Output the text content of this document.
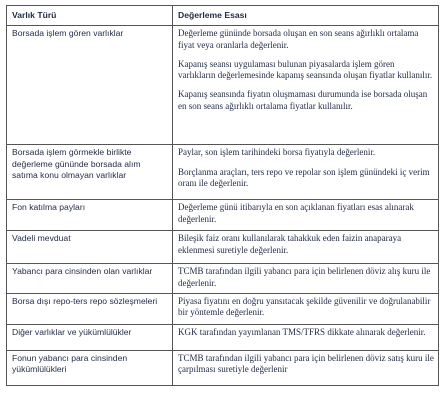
Varlık Türü	Değerleme Esası
Borsada işlem gören varlıklar	Değerleme gününde borsada oluşan en son seans ağırlıklı ortalama fiyat veya oranlarla değerlenir.
Kapanış seansı uygulaması bulunan piyasalarda işlem gören varlıkların değerlemesinde kapanış seansında oluşan fiyatlar kullanılır.
Kapanış seansında fiyatın oluşmaması durumunda ise borsada oluşan en son seans ağırlıklı ortalama fiyatlar kullanılır.

Borsada işlem görmekle birlikte değerleme gününde borsada alım satıma konu olmayan varlıklar	Paylar, son işlem tarihindeki borsa fiyatıyla değerlenir.
Borçlanma araçları, ters repo ve repolar son işlem günündeki iç verim oranı ile değerlenir.

Fon katılma payları	Değerleme günü itibarıyla en son açıklanan fiyatları esas alınarak değerlenir.

Vadeli mevduat	Bileşik faiz oranı kullanılarak tahakkuk eden faizin anaparaya eklenmesi suretiyle değerlenir.

Yabancı para cinsinden olan varlıklar	TCMB tarafından ilgili yabancı para için belirlenen döviz alış kuru ile değerlenir.

Borsa dışı repo-ters repo sözleşmeleri	Piyasa fiyatını en doğru yansıtacak şekilde güvenilir ve doğrulanabilir bir yöntemle değerlenir.

Diğer varlıklar ve yükümlülükler	KGK tarafından yayımlanan TMS/TFRS dikkate alınarak değerlenir.

Fonun yabancı para cinsinden yükümlülükleri	TCMB tarafından ilgili yabancı para için belirlenen döviz satış kuru ile çarpılması suretiyle değerlenir
